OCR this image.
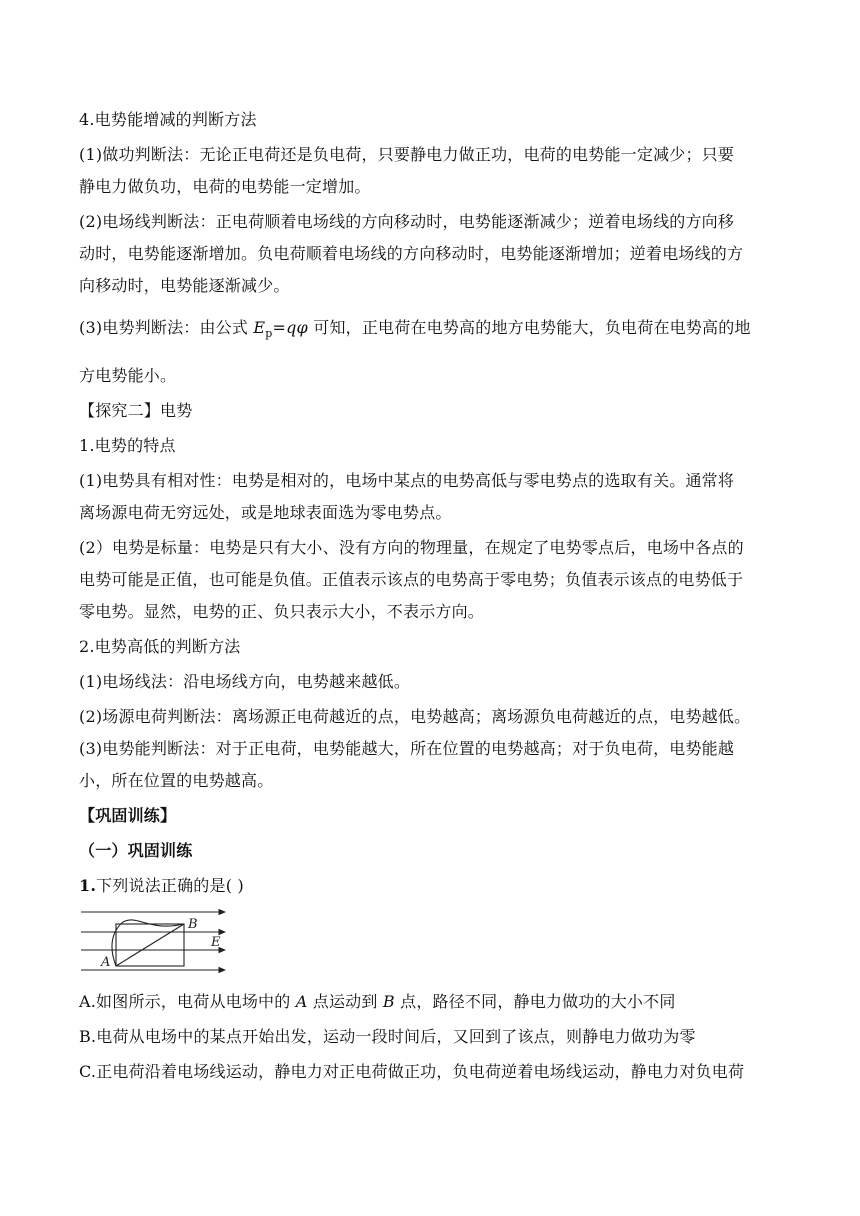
4.电势能增减的判断方法
(1)做功判断法：无论正电荷还是负电荷，只要静电力做正功，电荷的电势能一定减少；只要
静电力做负功，电荷的电势能一定增加。
(2)电场线判断法：正电荷顺着电场线的方向移动时，电势能逐渐减少；逆着电场线的方向移
动时，电势能逐渐增加。负电荷顺着电场线的方向移动时，电势能逐渐增加；逆着电场线的方
向移动时，电势能逐渐减少。
(3)电势判断法：由公式 $E_p=q\varphi$ 可知，正电荷在电势高的地方电势能大，负电荷在电势高的地
方电势能小。
【探究二】电势
1.电势的特点
(1)电势具有相对性：电势是相对的，电场中某点的电势高低与零电势点的选取有关。通常将
离场源电荷无穷远处，或是地球表面选为零电势点。
(2）电势是标量：电势是只有大小、没有方向的物理量，在规定了电势零点后，电场中各点的
电势可能是正值，也可能是负值。正值表示该点的电势高于零电势；负值表示该点的电势低于
零电势。显然，电势的正、负只表示大小，不表示方向。
2.电势高低的判断方法
(1)电场线法：沿电场线方向，电势越来越低。
(2)场源电荷判断法：离场源正电荷越近的点，电势越高；离场源负电荷越近的点，电势越低。
(3)电势能判断法：对于正电荷，电势能越大，所在位置的电势越高；对于负电荷，电势能越
小，所在位置的电势越高。
【巩固训练】
（一）巩固训练
1.下列说法正确的是( )
B
E
A
A.如图所示，电荷从电场中的 A 点运动到 B 点，路径不同，静电力做功的大小不同
B.电荷从电场中的某点开始出发，运动一段时间后，又回到了该点，则静电力做功为零
C.正电荷沿着电场线运动，静电力对正电荷做正功，负电荷逆着电场线运动，静电力对负电荷
